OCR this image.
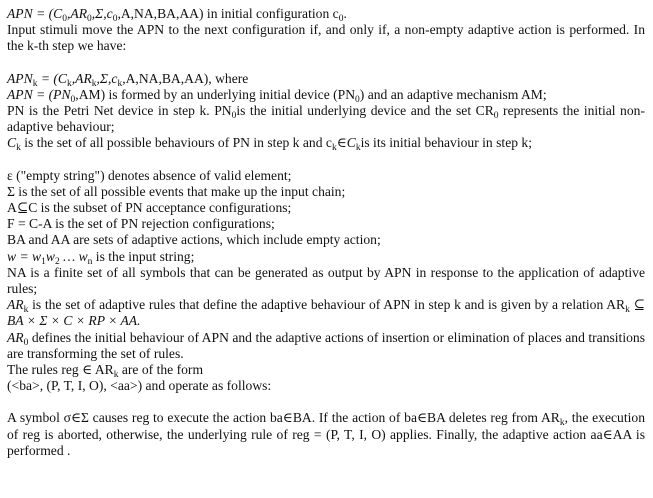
APN = $(C_0,AR_0,\Sigma,c_0,A,NA,BA,AA)$ in initial configuration $c_0$.

Input stimuli move the APN to the next configuration if, and only if, a non-empty adaptive action is performed. In the k-th step we have:

$APN_k = (C_k,AR_k,\Sigma,c_k,A,NA,BA,AA)$, where

APN = $(PN_0,AM)$ is formed by an underlying initial device $(PN_0)$ and an adaptive mechanism AM;

PN is the Petri Net device in step k. $PN_0is$ the initial underlying device and the set $CR_0$ represents the initial non-adaptive behaviour;

$C_k$ is the set of all possible behaviours of PN in step k and $c_k\in C_kis$ its initial behaviour in step k;

ε ("empty string") denotes absence of valid element;

Σ is the set of all possible events that make up the input chain;

A⊆C is the subset of PN acceptance configurations;

F = C-A is the set of PN rejection configurations;

BA and AA are sets of adaptive actions, which include empty action;

$w = w_1w_2$ … $w_n$ is the input string;

NA is a finite set of all symbols that can be generated as output by APN in response to the application of adaptive rules;

$AR_k$ is the set of adaptive rules that define the adaptive behaviour of APN in step k and is given by a relation $AR_k$ ⊆ BA × Σ × C × RP × AA.

$AR_0$ defines the initial behaviour of APN and the adaptive actions of insertion or elimination of places and transitions are transforming the set of rules.

The rules reg ∈ $AR_k$ are of the form

(<ba>, (P, T, I, O), <aa>) and operate as follows:

A symbol σ∈Σ causes reg to execute the action ba∈BA. If the action of ba∈BA deletes reg from $AR_k$, the execution of reg is aborted, otherwise, the underlying rule of reg = (P, T, I, O) applies. Finally, the adaptive action aa∈AA is performed .
